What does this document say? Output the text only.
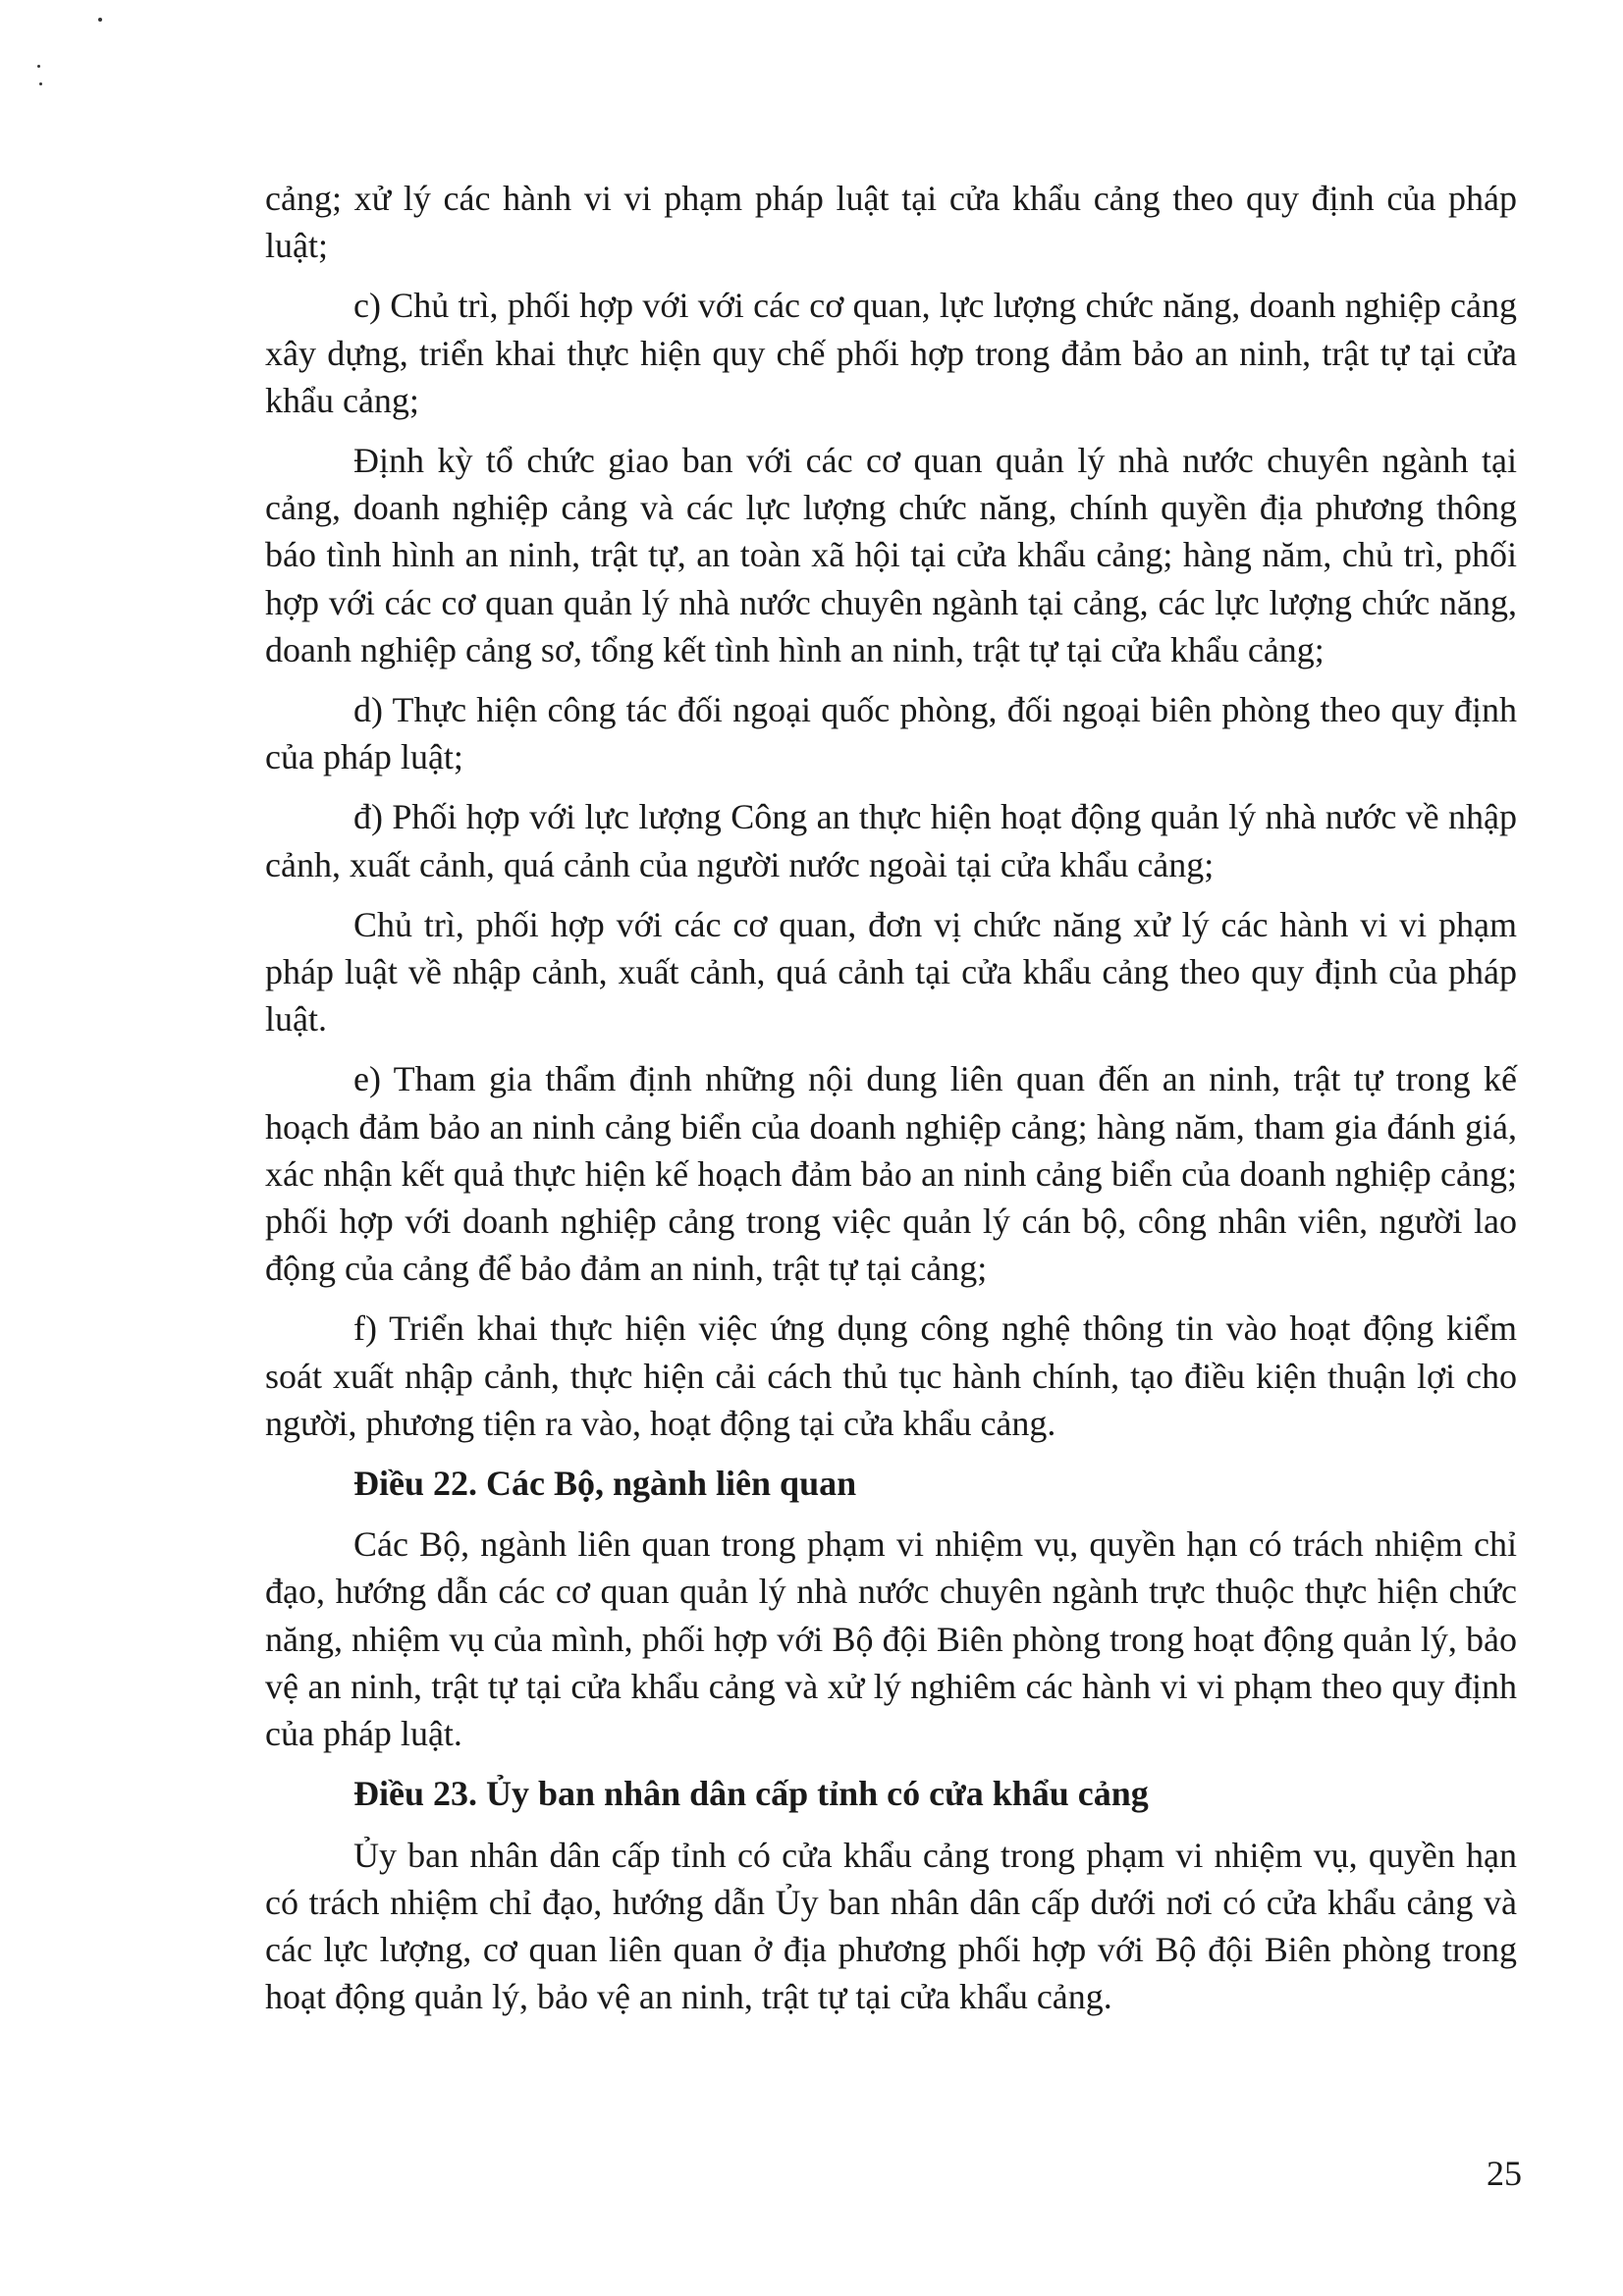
cảng; xử lý các hành vi vi phạm pháp luật tại cửa khẩu cảng theo quy định của pháp luật;

c) Chủ trì, phối hợp với với các cơ quan, lực lượng chức năng, doanh nghiệp cảng xây dựng, triển khai thực hiện quy chế phối hợp trong đảm bảo an ninh, trật tự tại cửa khẩu cảng;

Định kỳ tổ chức giao ban với các cơ quan quản lý nhà nước chuyên ngành tại cảng, doanh nghiệp cảng và các lực lượng chức năng, chính quyền địa phương thông báo tình hình an ninh, trật tự, an toàn xã hội tại cửa khẩu cảng; hàng năm, chủ trì, phối hợp với các cơ quan quản lý nhà nước chuyên ngành tại cảng, các lực lượng chức năng, doanh nghiệp cảng sơ, tổng kết tình hình an ninh, trật tự tại cửa khẩu cảng;

d) Thực hiện công tác đối ngoại quốc phòng, đối ngoại biên phòng theo quy định của pháp luật;

đ) Phối hợp với lực lượng Công an thực hiện hoạt động quản lý nhà nước về nhập cảnh, xuất cảnh, quá cảnh của người nước ngoài tại cửa khẩu cảng;

Chủ trì, phối hợp với các cơ quan, đơn vị chức năng xử lý các hành vi vi phạm pháp luật về nhập cảnh, xuất cảnh, quá cảnh tại cửa khẩu cảng theo quy định của pháp luật.

e) Tham gia thẩm định những nội dung liên quan đến an ninh, trật tự trong kế hoạch đảm bảo an ninh cảng biển của doanh nghiệp cảng; hàng năm, tham gia đánh giá, xác nhận kết quả thực hiện kế hoạch đảm bảo an ninh cảng biển của doanh nghiệp cảng; phối hợp với doanh nghiệp cảng trong việc quản lý cán bộ, công nhân viên, người lao động của cảng để bảo đảm an ninh, trật tự tại cảng;

f) Triển khai thực hiện việc ứng dụng công nghệ thông tin vào hoạt động kiểm soát xuất nhập cảnh, thực hiện cải cách thủ tục hành chính, tạo điều kiện thuận lợi cho người, phương tiện ra vào, hoạt động tại cửa khẩu cảng.

Điều 22. Các Bộ, ngành liên quan

Các Bộ, ngành liên quan trong phạm vi nhiệm vụ, quyền hạn có trách nhiệm chỉ đạo, hướng dẫn các cơ quan quản lý nhà nước chuyên ngành trực thuộc thực hiện chức năng, nhiệm vụ của mình, phối hợp với Bộ đội Biên phòng trong hoạt động quản lý, bảo vệ an ninh, trật tự tại cửa khẩu cảng và xử lý nghiêm các hành vi vi phạm theo quy định của pháp luật.

Điều 23. Ủy ban nhân dân cấp tỉnh có cửa khẩu cảng

Ủy ban nhân dân cấp tỉnh có cửa khẩu cảng trong phạm vi nhiệm vụ, quyền hạn có trách nhiệm chỉ đạo, hướng dẫn Ủy ban nhân dân cấp dưới nơi có cửa khẩu cảng và các lực lượng, cơ quan liên quan ở địa phương phối hợp với Bộ đội Biên phòng trong hoạt động quản lý, bảo vệ an ninh, trật tự tại cửa khẩu cảng.

25
